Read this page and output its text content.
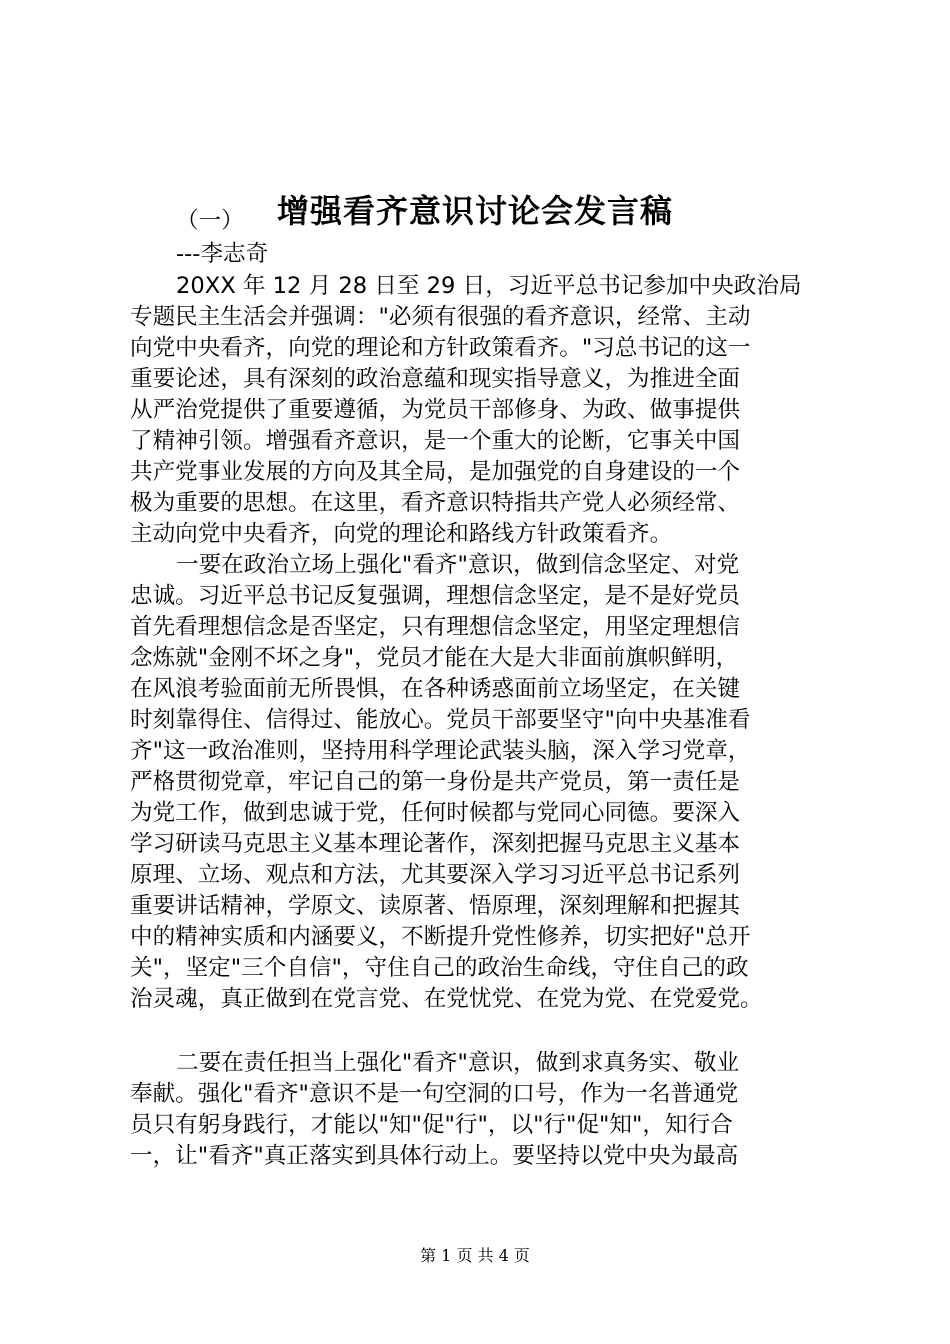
增强看齐意识讨论会发言稿

（一）

---李志奇

20XX 年 12 月 28 日至 29 日，习近平总书记参加中央政治局

专题民主生活会并强调："必须有很强的看齐意识，经常、主动

向党中央看齐，向党的理论和方针政策看齐。"习总书记的这一

重要论述，具有深刻的政治意蕴和现实指导意义，为推进全面

从严治党提供了重要遵循，为党员干部修身、为政、做事提供

了精神引领。增强看齐意识，是一个重大的论断，它事关中国

共产党事业发展的方向及其全局，是加强党的自身建设的一个

极为重要的思想。在这里，看齐意识特指共产党人必须经常、

主动向党中央看齐，向党的理论和路线方针政策看齐。

一要在政治立场上强化"看齐"意识，做到信念坚定、对党

忠诚。习近平总书记反复强调，理想信念坚定，是不是好党员

首先看理想信念是否坚定，只有理想信念坚定，用坚定理想信

念炼就"金刚不坏之身"，党员才能在大是大非面前旗帜鲜明，

在风浪考验面前无所畏惧，在各种诱惑面前立场坚定，在关键

时刻靠得住、信得过、能放心。党员干部要坚守"向中央基准看

齐"这一政治准则，坚持用科学理论武装头脑，深入学习党章，

严格贯彻党章，牢记自己的第一身份是共产党员，第一责任是

为党工作，做到忠诚于党，任何时候都与党同心同德。要深入

学习研读马克思主义基本理论著作，深刻把握马克思主义基本

原理、立场、观点和方法，尤其要深入学习习近平总书记系列

重要讲话精神，学原文、读原著、悟原理，深刻理解和把握其

中的精神实质和内涵要义，不断提升党性修养，切实把好"总开

关"，坚定"三个自信"，守住自己的政治生命线，守住自己的政

治灵魂，真正做到在党言党、在党忧党、在党为党、在党爱党。

二要在责任担当上强化"看齐"意识，做到求真务实、敬业

奉献。强化"看齐"意识不是一句空洞的口号，作为一名普通党

员只有躬身践行，才能以"知"促"行"，以"行"促"知"，知行合

一，让"看齐"真正落实到具体行动上。要坚持以党中央为最高

第 1 页 共 4 页
